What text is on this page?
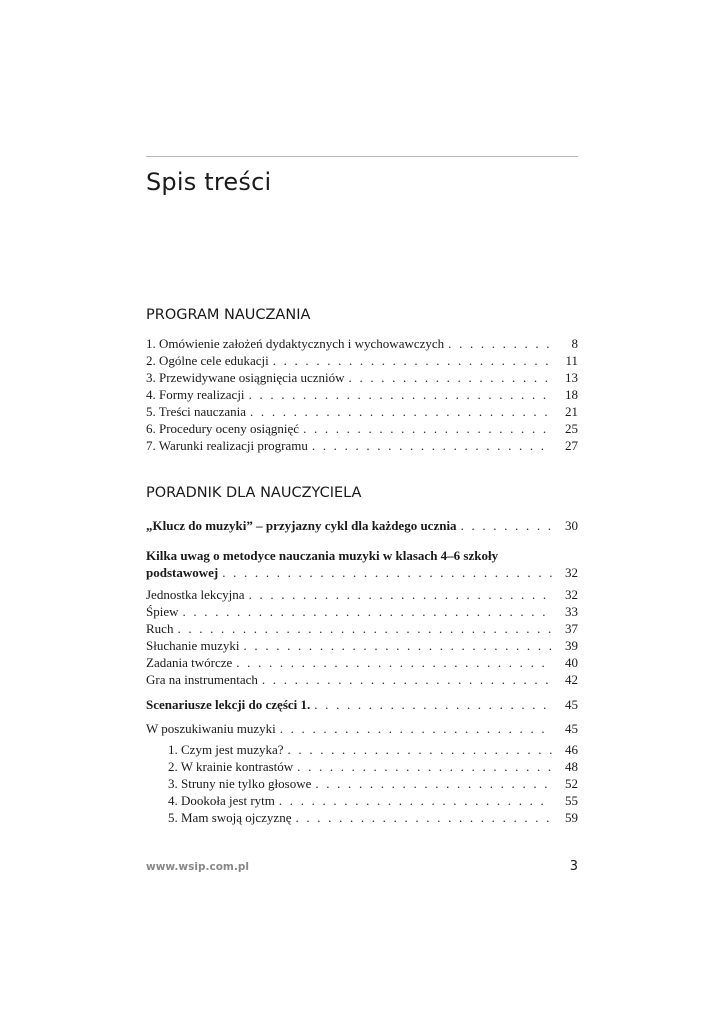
Spis treści
PROGRAM NAUCZANIA
1. Omówienie założeń dydaktycznych i wychowawczych . . .	8
2. Ogólne cele edukacji . . .	11
3. Przewidywane osiągnięcia uczniów . . .	13
4. Formy realizacji . . .	18
5. Treści nauczania . . .	21
6. Procedury oceny osiągnięć . . .	25
7. Warunki realizacji programu . . .	27
PORADNIK DLA NAUCZYCIELA
„Klucz do muzyki” – przyjazny cykl dla każdego ucznia . . .	30
Kilka uwag o metodyce nauczania muzyki w klasach 4–6 szkoły
podstawowej . . .	32
Jednostka lekcyjna . . .	32
Śpiew . . .	33
Ruch . . .	37
Słuchanie muzyki . . .	39
Zadania twórcze . . .	40
Gra na instrumentach . . .	42
Scenariusze lekcji do części 1. . . .	45
W poszukiwaniu muzyki . . .	45
1. Czym jest muzyka? . . .	46
2. W krainie kontrastów . . .	48
3. Struny nie tylko głosowe . . .	52
4. Dookoła jest rytm . . .	55
5. Mam swoją ojczyznę . . .	59
www.wsip.com.pl	3
